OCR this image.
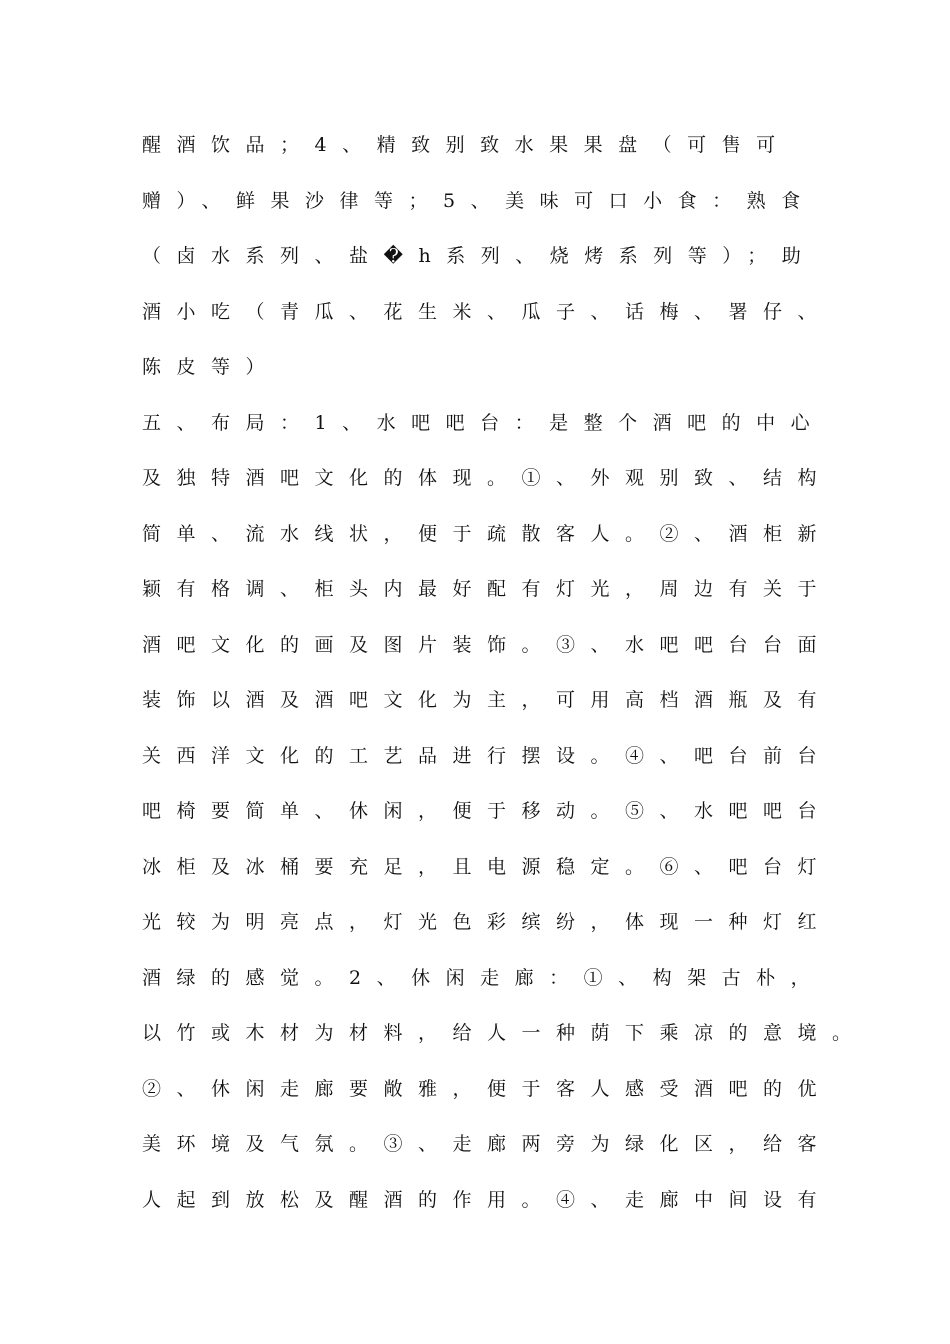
醒酒饮品；4、精致别致水果果盘（可售可
赠）、鲜果沙律等；5、美味可口小食：熟食
（卤水系列、盐�h系列、烧烤系列等）；助
酒小吃（青瓜、花生米、瓜子、话梅、署仔、
陈皮等）
五、布局：1、水吧吧台：是整个酒吧的中心
及独特酒吧文化的体现。①、外观别致、结构
简单、流水线状，便于疏散客人。②、酒柜新
颖有格调、柜头内最好配有灯光，周边有关于
酒吧文化的画及图片装饰。③、水吧吧台台面
装饰以酒及酒吧文化为主，可用高档酒瓶及有
关西洋文化的工艺品进行摆设。④、吧台前台
吧椅要简单、休闲，便于移动。⑤、水吧吧台
冰柜及冰桶要充足，且电源稳定。⑥、吧台灯
光较为明亮点，灯光色彩缤纷，体现一种灯红
酒绿的感觉。2、休闲走廊：①、构架古朴，
以竹或木材为材料，给人一种荫下乘凉的意境。
②、休闲走廊要敞雅，便于客人感受酒吧的优
美环境及气氛。③、走廊两旁为绿化区，给客
人起到放松及醒酒的作用。④、走廊中间设有
